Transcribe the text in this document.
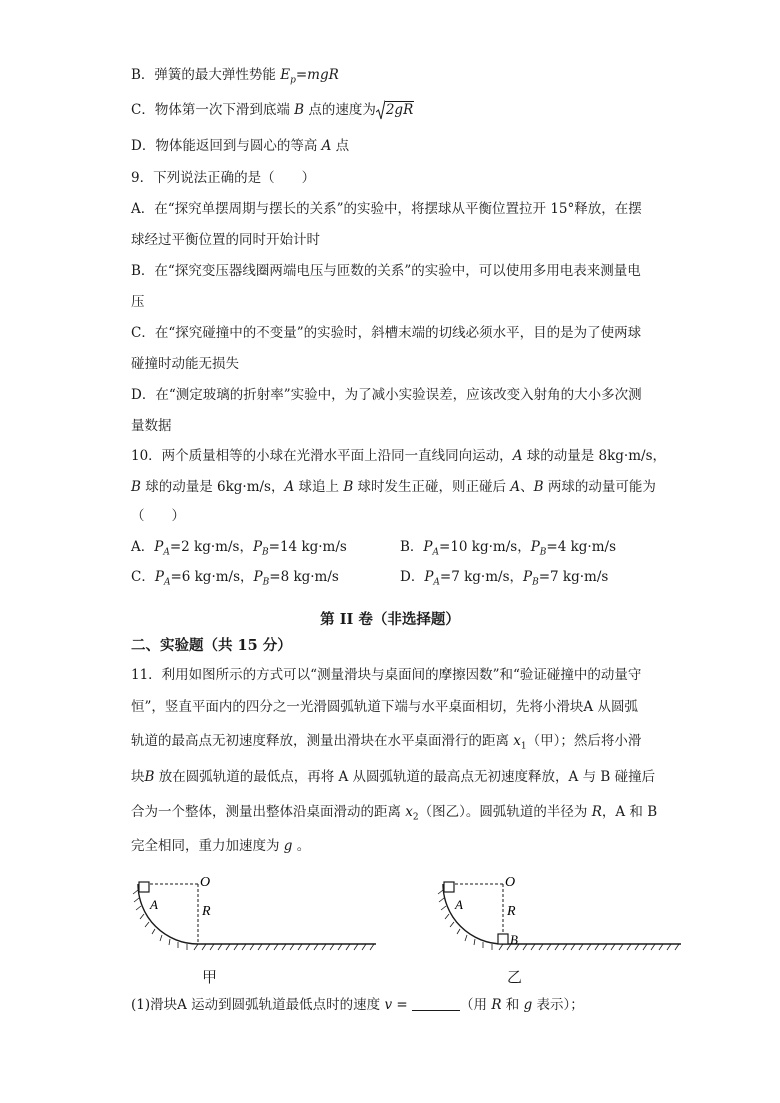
B．弹簧的最大弹性势能 $E_p=mgR$
C．物体第一次下滑到底端 B 点的速度为 2gR
D．物体能返回到与圆心的等高 A 点
9．下列说法正确的是（　　）
A．在“探究单摆周期与摆长的关系”的实验中，将摆球从平衡位置拉开 15°释放，在摆
球经过平衡位置的同时开始计时
B．在“探究变压器线圈两端电压与匝数的关系”的实验中，可以使用多用电表来测量电
压
C．在“探究碰撞中的不变量”的实验时，斜槽末端的切线必须水平，目的是为了使两球
碰撞时动能无损失
D．在“测定玻璃的折射率”实验中，为了减小实验误差，应该改变入射角的大小多次测
量数据
10．两个质量相等的小球在光滑水平面上沿同一直线同向运动，A 球的动量是 8kg·m/s，
B 球的动量是 6kg·m/s，A 球追上 B 球时发生正碰，则正碰后 A、B 两球的动量可能为
（　　）
A．$P_A=2$ kg·m/s，$P_B=14$ kg·m/s	B．$P_A=10$ kg·m/s，$P_B=4$ kg·m/s
C．$P_A=6$ kg·m/s，$P_B=8$ kg·m/s	D．$P_A=7$ kg·m/s，$P_B=7$ kg·m/s
第 II 卷（非选择题）
二、实验题（共 15 分）
11．利用如图所示的方式可以“测量滑块与桌面间的摩擦因数”和“验证碰撞中的动量守
恒”，竖直平面内的四分之一光滑圆弧轨道下端与水平桌面相切，先将小滑块A 从圆弧
轨道的最高点无初速度释放，测量出滑块在水平桌面滑行的距离 $x_1$（甲）；然后将小滑
块B 放在圆弧轨道的最低点，再将 A 从圆弧轨道的最高点无初速度释放，A 与 B 碰撞后
合为一个整体，测量出整体沿桌面滑动的距离 $x_2$（图乙）。圆弧轨道的半径为 R，A 和 B
完全相同，重力加速度为 g 。
O
A	R
甲
O
A	R
B
乙
(1)滑块A 运动到圆弧轨道最低点时的速度 v =	（用 R 和 g 表示）；
